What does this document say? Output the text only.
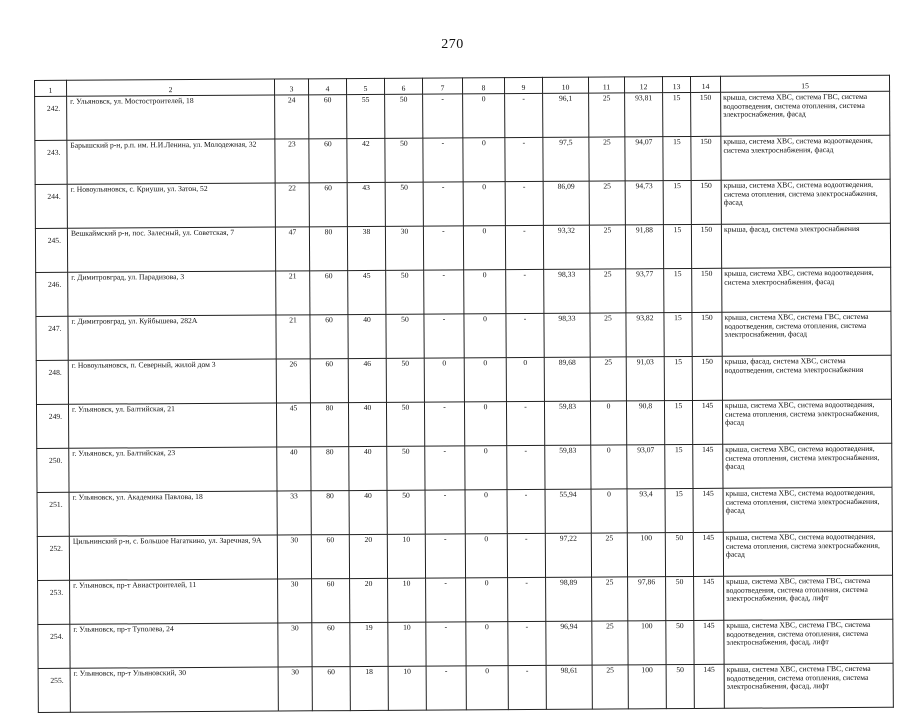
270
1	2	3	4	5	6	7	8	9	10	11	12	13	14	15
242.	г. Ульяновск, ул. Мостостроителей, 18	24	60	55	50	-	0	-	96,1	25	93,81	15	150	крыша, система ХВС, система ГВС, система водоотведения, система отопления, система электроснабжения, фасад
243.	Барышский р-н, р.п. им. Н.И.Ленина, ул. Молодежная, 32	23	60	42	50	-	0	-	97,5	25	94,07	15	150	крыша, система ХВС, система водоотведения, система электроснабжения, фасад
244.	г. Новоульяновск, с. Криуши, ул. Затон, 52	22	60	43	50	-	0	-	86,09	25	94,73	15	150	крыша, система ХВС, система водоотведения, система отопления, система электроснабжения, фасад
245.	Вешкаймский р-н, пос. Залесный, ул. Советская, 7	47	80	38	30	-	0	-	93,32	25	91,88	15	150	крыша, фасад, система электроснабжения
246.	г. Димитровград, ул. Парадизова, 3	21	60	45	50	-	0	-	98,33	25	93,77	15	150	крыша, система ХВС, система водоотведения, система электроснабжения, фасад
247.	г. Димитровград, ул. Куйбышева, 282А	21	60	40	50	-	0	-	98,33	25	93,82	15	150	крыша, система ХВС, система ГВС, система водоотведения, система отопления, система электроснабжения, фасад
248.	г. Новоульяновск, п. Северный, жилой дом 3	26	60	46	50	0	0	0	89,68	25	91,03	15	150	крыша, фасад, система ХВС, система водоотведения, система электроснабжения
249.	г. Ульяновск, ул. Балтийская, 21	45	80	40	50	-	0	-	59,83	0	90,8	15	145	крыша, система ХВС, система водоотведения, система отопления, система электроснабжения, фасад
250.	г. Ульяновск, ул. Балтийская, 23	40	80	40	50	-	0	-	59,83	0	93,07	15	145	крыша, система ХВС, система водоотведения, система отопления, система электроснабжения, фасад
251.	г. Ульяновск, ул. Академика Павлова, 18	33	80	40	50	-	0	-	55,94	0	93,4	15	145	крыша, система ХВС, система водоотведения, система отопления, система электроснабжения, фасад
252.	Цильнинский р-н, с. Большое Нагаткино, ул. Заречная, 9А	30	60	20	10	-	0	-	97,22	25	100	50	145	крыша, система ХВС, система водоотведения, система отопления, система электроснабжения, фасад
253.	г. Ульяновск, пр-т Авиастроителей, 11	30	60	20	10	-	0	-	98,89	25	97,86	50	145	крыша, система ХВС, система ГВС, система водоотведения, система отопления, система электроснабжения, фасад, лифт
254.	г. Ульяновск, пр-т Туполева, 24	30	60	19	10	-	0	-	96,94	25	100	50	145	крыша, система ХВС, система ГВС, система водоотведения, система отопления, система электроснабжения, фасад, лифт
255.	г. Ульяновск, пр-т Ульяновский, 30	30	60	18	10	-	0	-	98,61	25	100	50	145	крыша, система ХВС, система ГВС, система водоотведения, система отопления, система электроснабжения, фасад, лифт
